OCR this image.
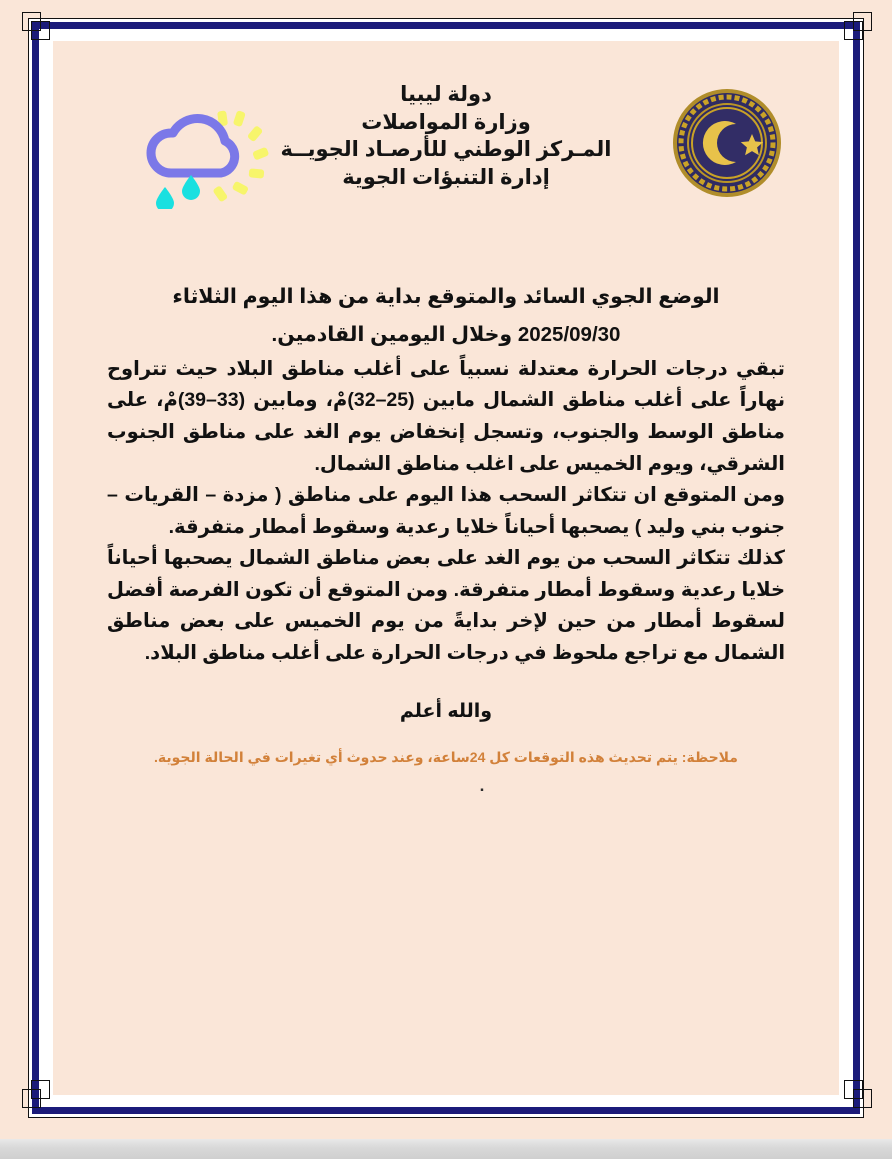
دولة ليبيا
وزارة المواصلات
المـركز الوطني للأرصـاد الجويــة
إدارة التنبؤات الجوية
الوضع الجوي السائد والمتوقع بداية من هذا اليوم الثلاثاء 2025/09/30 وخلال اليومين القادمين.

تبقي درجات الحرارة معتدلة نسبياً على أغلب مناطق البلاد حيث تتراوح نهاراً على أغلب مناطق الشمال مابين (25–32)مْ، ومابين (33–39)مْ، على مناطق الوسط والجنوب، وتسجل إنخفاض يوم الغد على مناطق الجنوب الشرقي، ويوم الخميس على اغلب مناطق الشمال.

ومن المتوقع ان تتكاثر السحب هذا اليوم على مناطق ( مزدة – القريات – جنوب بني وليد ) يصحبها أحياناً خلايا رعدية وسقوط أمطار متفرقة.

كذلك تتكاثر السحب من يوم الغد على بعض مناطق الشمال يصحبها أحياناً خلايا رعدية وسقوط أمطار متفرقة. ومن المتوقع أن تكون الفرصة أفضل لسقوط أمطار من حين لإخر بدايةً من يوم الخميس على بعض مناطق الشمال مع تراجع ملحوظ في درجات الحرارة على أغلب مناطق البلاد.

والله أعلم
ملاحظة: يتم تحديث هذه التوقعات كل 24ساعة، وعند حدوث أي تغيرات في الحالة الجوية.
.
